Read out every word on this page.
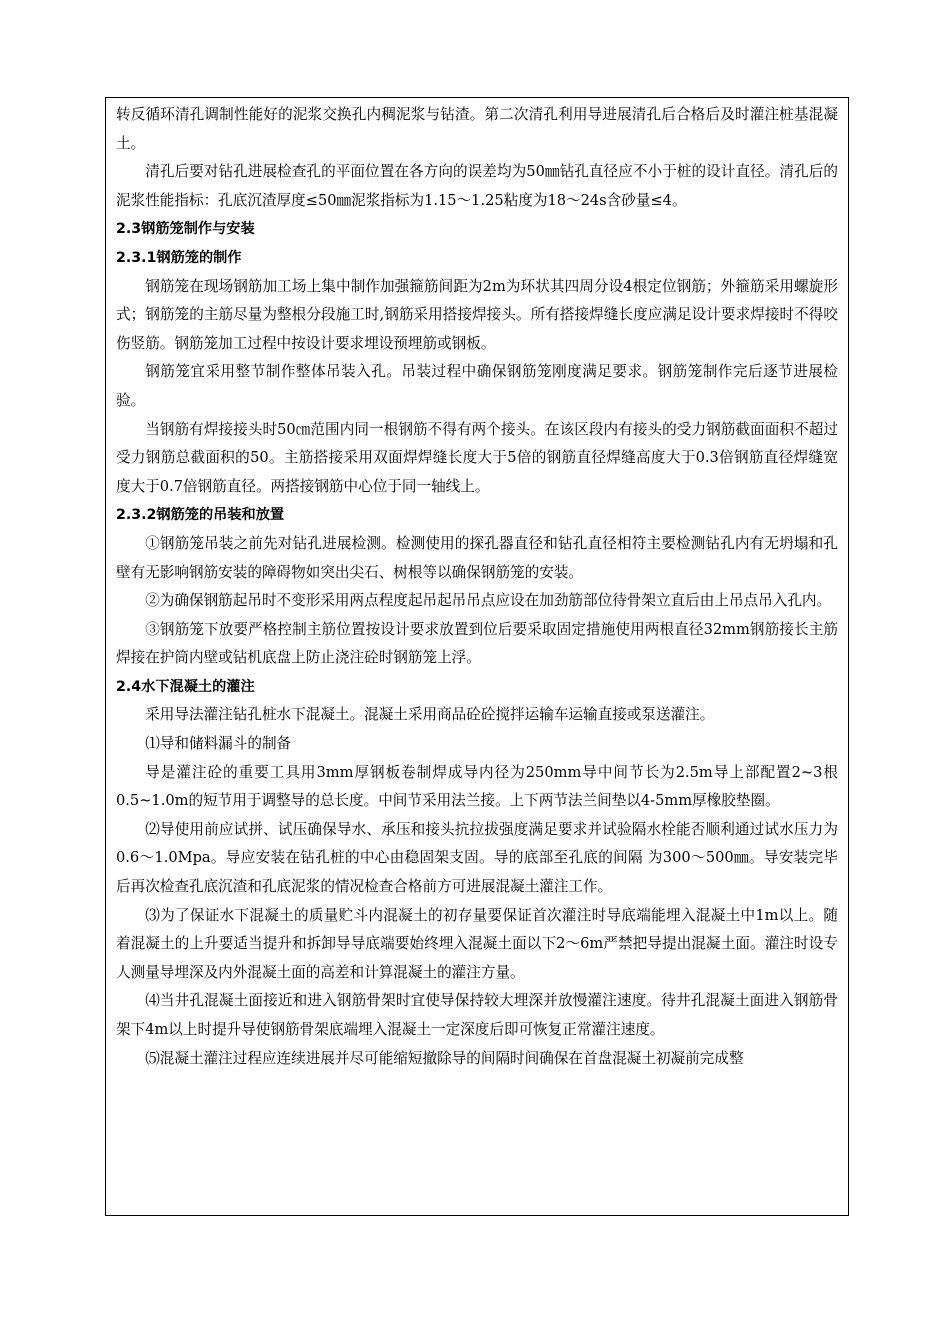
转反循环清孔调制性能好的泥浆交换孔内稠泥浆与钻渣。第二次清孔利用导进展清孔后合格后及时灌注桩基混凝土。

清孔后要对钻孔进展检查孔的平面位置在各方向的误差均为50㎜钻孔直径应不小于桩的设计直径。清孔后的泥浆性能指标：孔底沉渣厚度≤50㎜泥浆指标为1.15～1.25粘度为18～24s含砂量≤4。

2.3钢筋笼制作与安装

2.3.1钢筋笼的制作

钢筋笼在现场钢筋加工场上集中制作加强箍筋间距为2m为环状其四周分设4根定位钢筋；外箍筋采用螺旋形式；钢筋笼的主筋尽量为整根分段施工时,钢筋采用搭接焊接头。所有搭接焊缝长度应满足设计要求焊接时不得咬伤竖筋。钢筋笼加工过程中按设计要求埋设预埋筋或钢板。

钢筋笼宜采用整节制作整体吊装入孔。吊装过程中确保钢筋笼刚度满足要求。钢筋笼制作完后逐节进展检验。

当钢筋有焊接接头时50㎝范围内同一根钢筋不得有两个接头。在该区段内有接头的受力钢筋截面面积不超过受力钢筋总截面积的50。主筋搭接采用双面焊焊缝长度大于5倍的钢筋直径焊缝高度大于0.3倍钢筋直径焊缝宽度大于0.7倍钢筋直径。两搭接钢筋中心位于同一轴线上。

2.3.2钢筋笼的吊装和放置

①钢筋笼吊装之前先对钻孔进展检测。检测使用的探孔器直径和钻孔直径相符主要检测钻孔内有无坍塌和孔壁有无影响钢筋安装的障碍物如突出尖石、树根等以确保钢筋笼的安装。

②为确保钢筋起吊时不变形采用两点程度起吊起吊吊点应设在加劲筋部位待骨架立直后由上吊点吊入孔内。

③钢筋笼下放要严格控制主筋位置按设计要求放置到位后要采取固定措施使用两根直径32mm钢筋接长主筋焊接在护筒内壁或钻机底盘上防止浇注砼时钢筋笼上浮。

2.4水下混凝土的灌注

采用导法灌注钻孔桩水下混凝土。混凝土采用商品砼砼搅拌运输车运输直接或泵送灌注。

⑴导和储料漏斗的制备

导是灌注砼的重要工具用3mm厚钢板卷制焊成导内径为250mm导中间节长为2.5m导上部配置2~3根0.5~1.0m的短节用于调整导的总长度。中间节采用法兰接。上下两节法兰间垫以4-5mm厚橡胶垫圈。

⑵导使用前应试拼、试压确保导水、承压和接头抗拉拔强度满足要求并试验隔水栓能否顺利通过试水压力为0.6～1.0Mpa。导应安装在钻孔桩的中心由稳固架支固。导的底部至孔底的间隔 为300～500㎜。导安装完毕后再次检查孔底沉渣和孔底泥浆的情况检查合格前方可进展混凝土灌注工作。

⑶为了保证水下混凝土的质量贮斗内混凝土的初存量要保证首次灌注时导底端能埋入混凝土中1m以上。随着混凝土的上升要适当提升和拆卸导导底端要始终埋入混凝土面以下2～6m严禁把导提出混凝土面。灌注时设专人测量导埋深及内外混凝土面的高差和计算混凝土的灌注方量。

⑷当井孔混凝土面接近和进入钢筋骨架时宜使导保持较大埋深并放慢灌注速度。待井孔混凝土面进入钢筋骨架下4m以上时提升导使钢筋骨架底端埋入混凝土一定深度后即可恢复正常灌注速度。

⑸混凝土灌注过程应连续进展并尽可能缩短撤除导的间隔时间确保在首盘混凝土初凝前完成整
